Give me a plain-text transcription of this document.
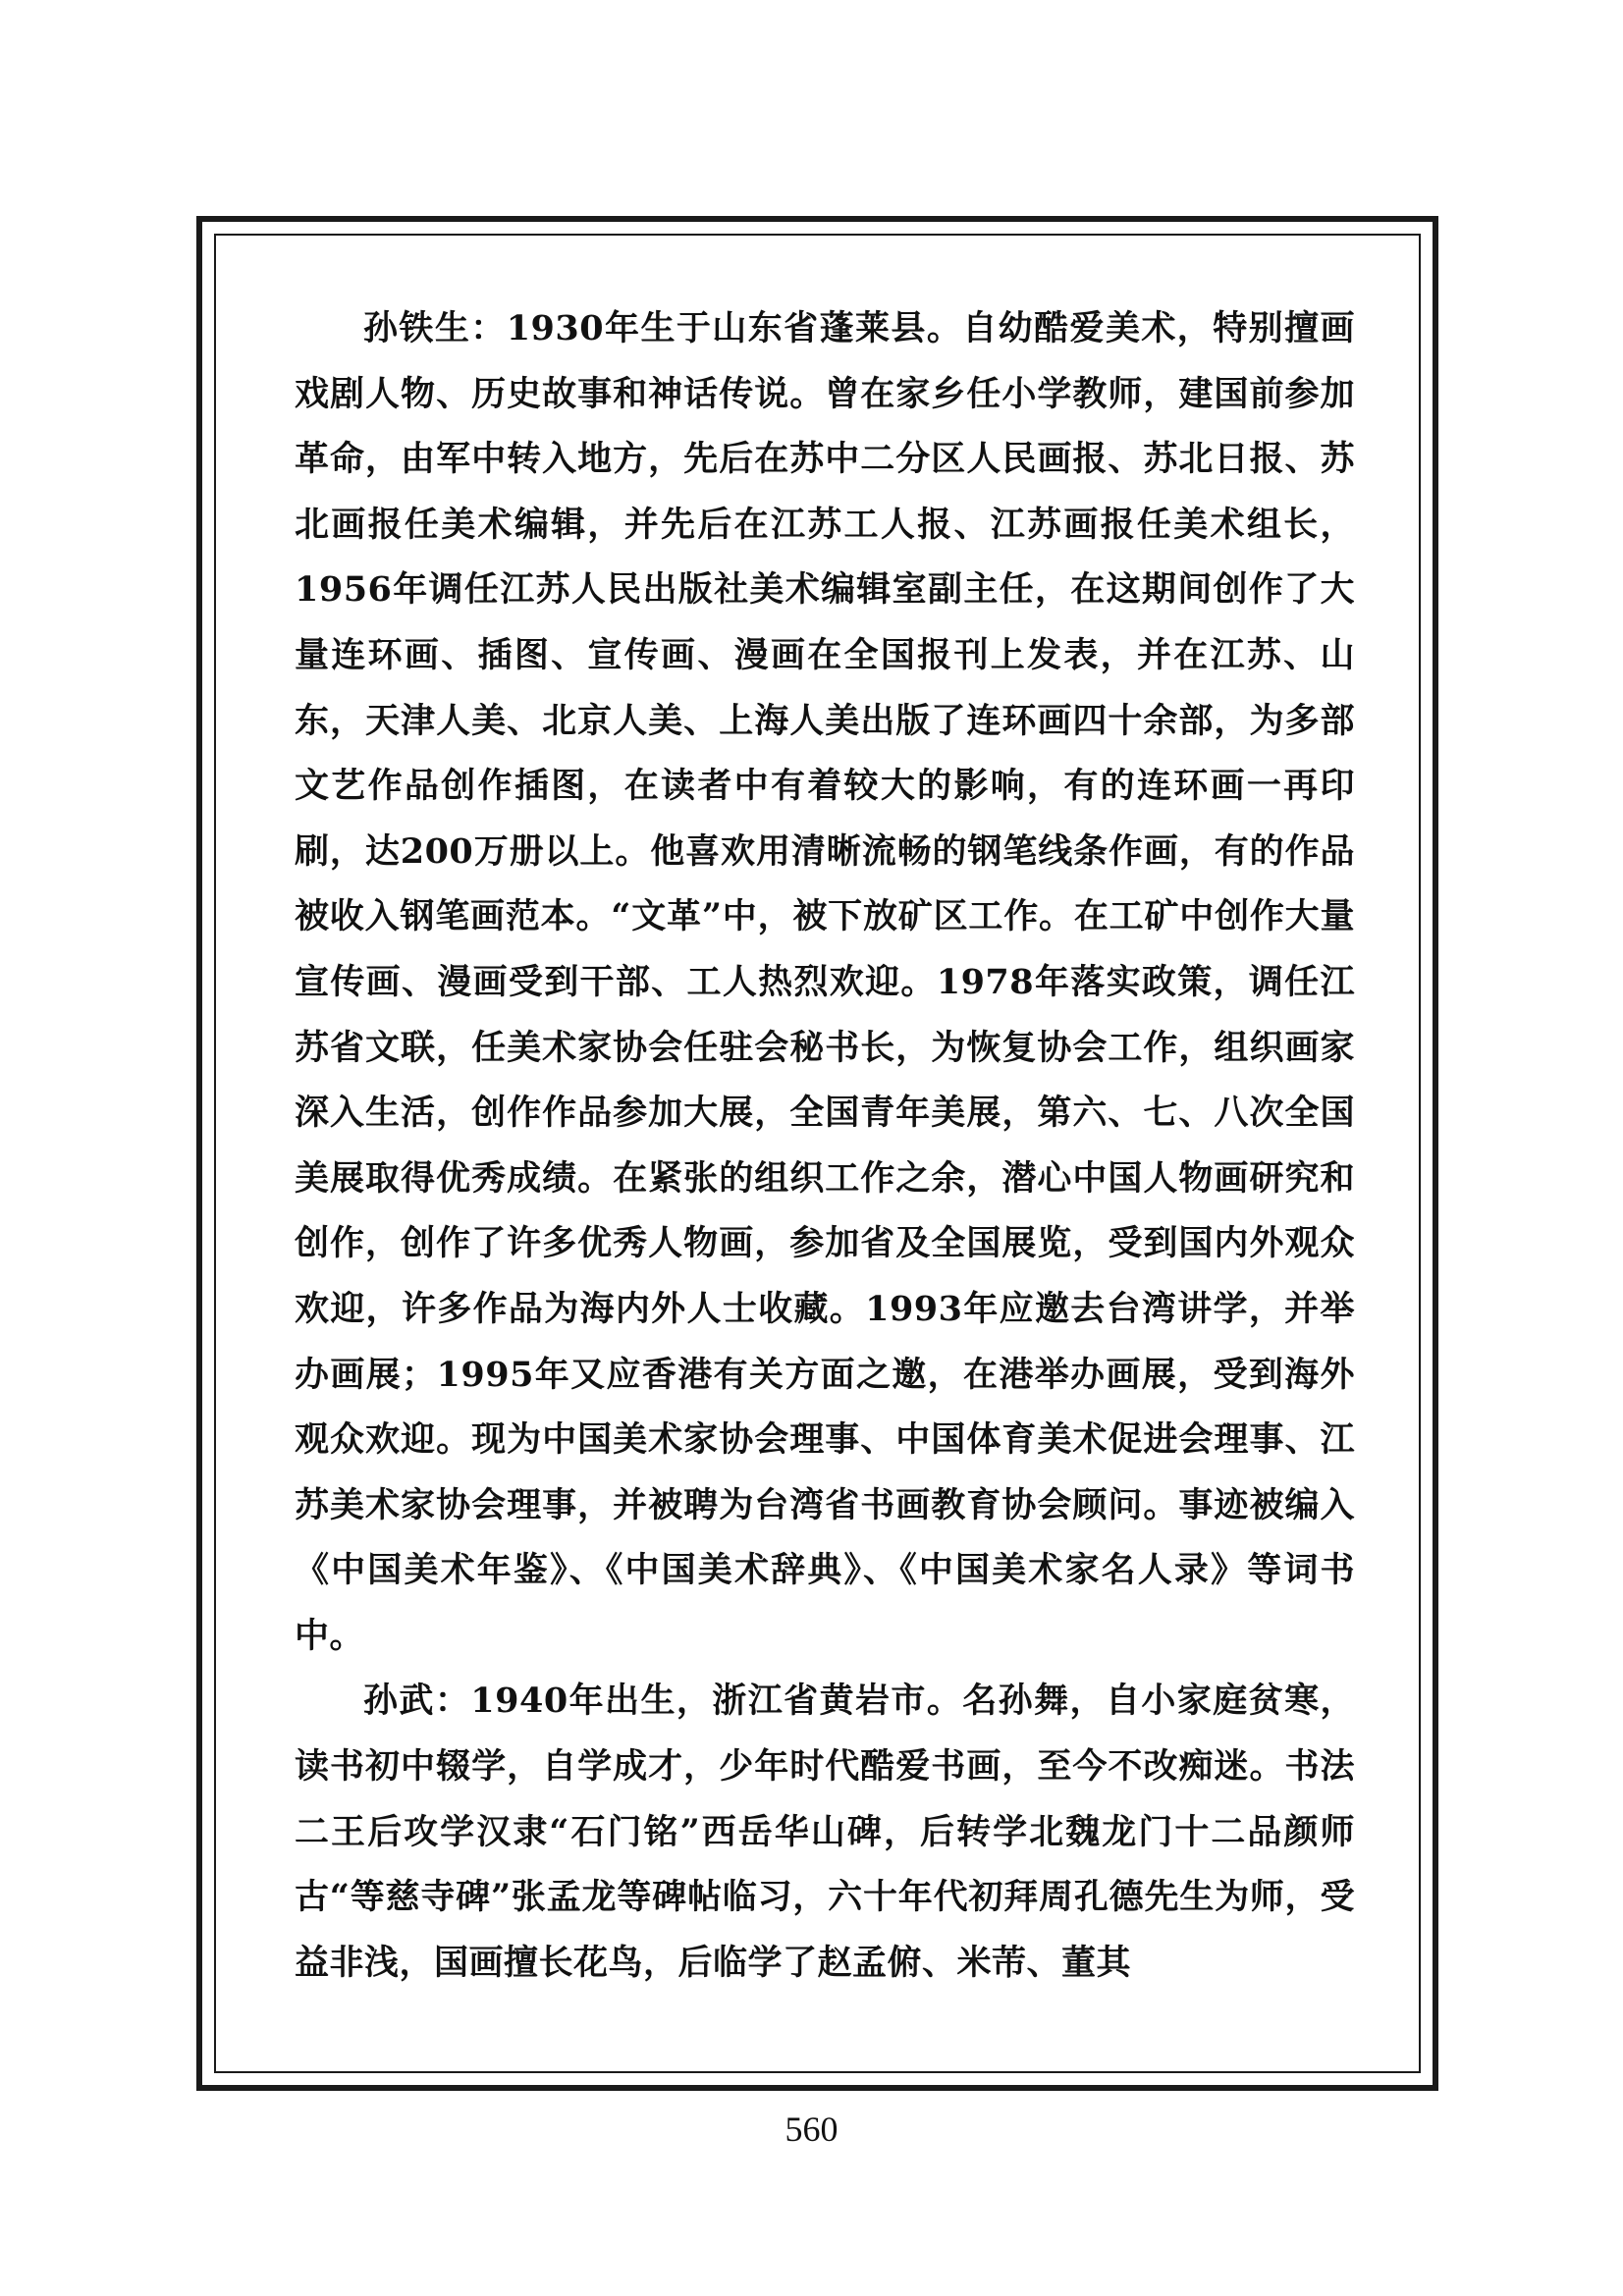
孙铁生：1930年生于山东省蓬莱县。自幼酷爱美术，特别擅画戏剧人物、历史故事和神话传说。曾在家乡任小学教师，建国前参加革命，由军中转入地方，先后在苏中二分区人民画报、苏北日报、苏北画报任美术编辑，并先后在江苏工人报、江苏画报任美术组长，1956年调任江苏人民出版社美术编辑室副主任，在这期间创作了大量连环画、插图、宣传画、漫画在全国报刊上发表，并在江苏、山东，天津人美、北京人美、上海人美出版了连环画四十余部，为多部文艺作品创作插图，在读者中有着较大的影响，有的连环画一再印刷，达200万册以上。他喜欢用清晰流畅的钢笔线条作画，有的作品被收入钢笔画范本。“文革”中，被下放矿区工作。在工矿中创作大量宣传画、漫画受到干部、工人热烈欢迎。1978年落实政策，调任江苏省文联，任美术家协会任驻会秘书长，为恢复协会工作，组织画家深入生活，创作作品参加大展，全国青年美展，第六、七、八次全国美展取得优秀成绩。在紧张的组织工作之余，潜心中国人物画研究和创作，创作了许多优秀人物画，参加省及全国展览，受到国内外观众欢迎，许多作品为海内外人士收藏。1993年应邀去台湾讲学，并举办画展；1995年又应香港有关方面之邀，在港举办画展，受到海外观众欢迎。现为中国美术家协会理事、中国体育美术促进会理事、江苏美术家协会理事，并被聘为台湾省书画教育协会顾问。事迹被编入《中国美术年鉴》、《中国美术辞典》、《中国美术家名人录》等词书中。

孙武：1940年出生，浙江省黄岩市。名孙舞，自小家庭贫寒，读书初中辍学，自学成才，少年时代酷爱书画，至今不改痴迷。书法二王后攻学汉隶“石门铭”西岳华山碑，后转学北魏龙门十二品颜师古“等慈寺碑”张孟龙等碑帖临习，六十年代初拜周孔德先生为师，受益非浅，国画擅长花鸟，后临学了赵孟俯、米芾、董其

560
